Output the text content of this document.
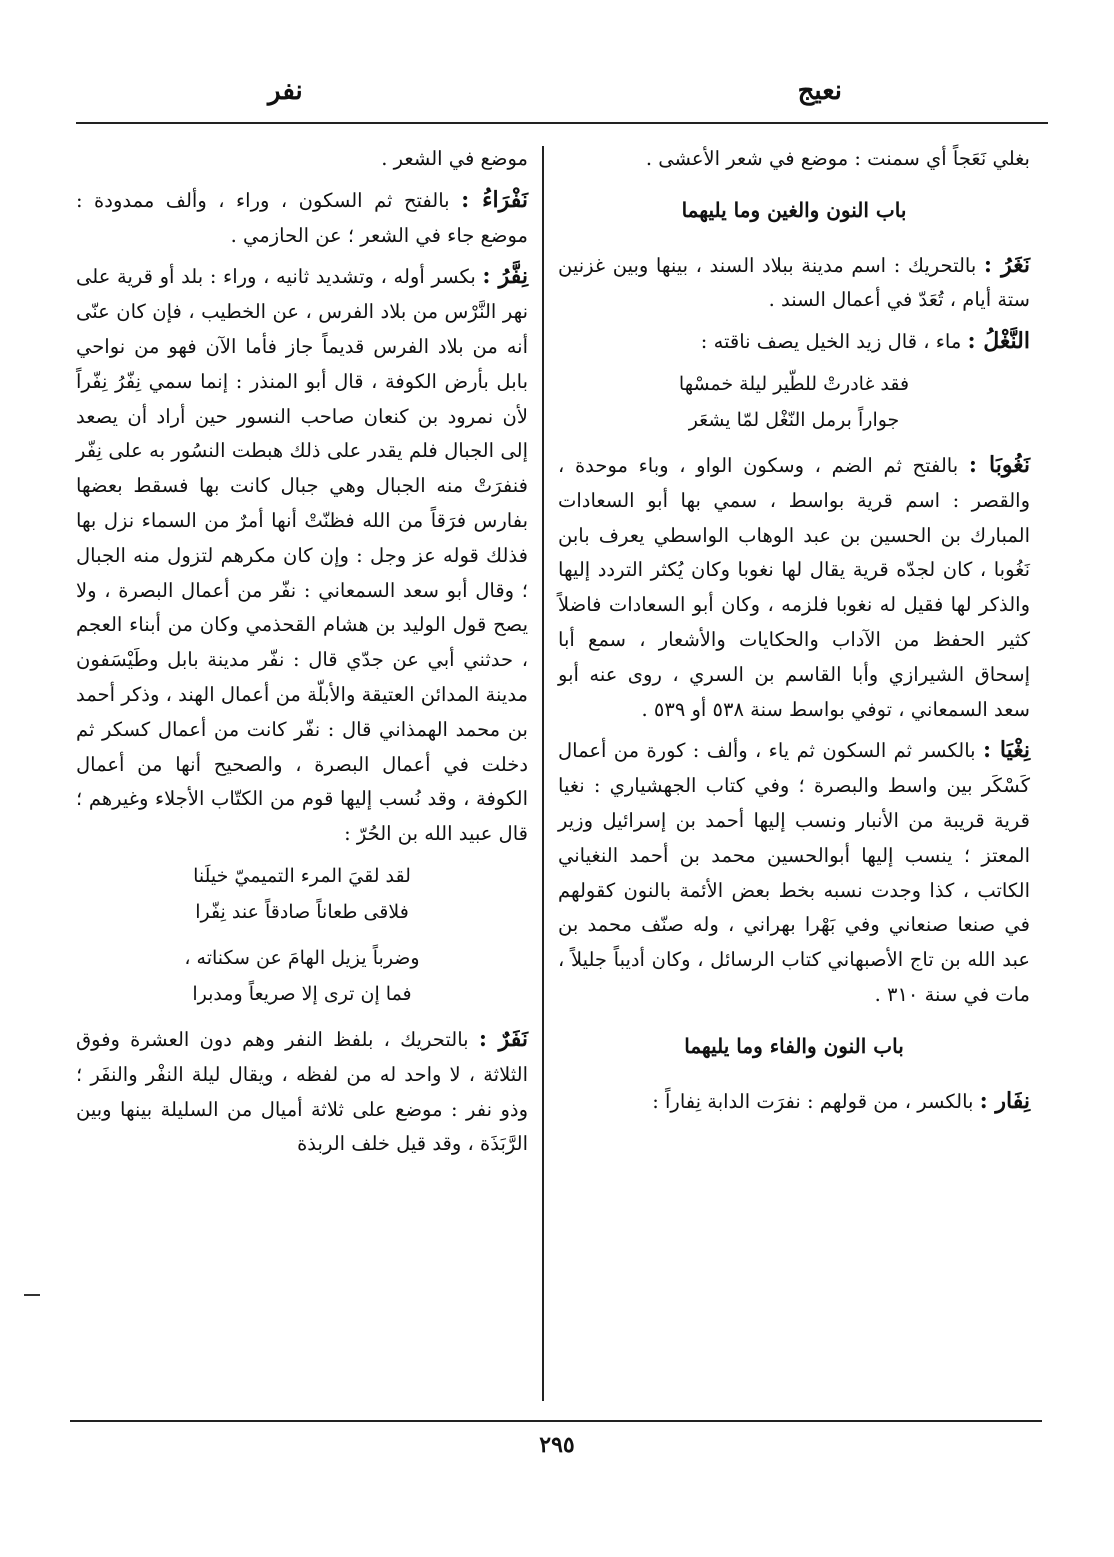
نعيج
نفر

بغلي نَعَجاً أي سمنت : موضع في شعر الأعشى .

باب النون والغين وما يليهما

نَغَرُ : بالتحريك : اسم مدينة ببلاد السند ، بينها وبين غزنين ستة أيام ، تُعَدّ في أعمال السند .

النَّغْلُ : ماء ، قال زيد الخيل يصف ناقته :

فقد غادرتْ للطّير ليلة خمسْها
جواراً برمل النّغْل لمّا يشعَر

نَغُوبَا : بالفتح ثم الضم ، وسكون الواو ، وباء موحدة ، والقصر : اسم قرية بواسط ، سمي بها أبو السعادات المبارك بن الحسين بن عبد الوهاب الواسطي يعرف بابن نَغُوبا ، كان لجدّه قرية يقال لها نغوبا وكان يُكثر التردد إليها والذكر لها فقيل له نغوبا فلزمه ، وكان أبو السعادات فاضلاً كثير الحفظ من الآداب والحكايات والأشعار ، سمع أبا إسحاق الشيرازي وأبا القاسم بن السري ، روى عنه أبو سعد السمعاني ، توفي بواسط سنة ٥٣٨ أو ٥٣٩ .

نِغْيَا : بالكسر ثم السكون ثم ياء ، وألف : كورة من أعمال كَسْكَر بين واسط والبصرة ؛ وفي كتاب الجهشياري : نغيا قرية قريبة من الأنبار ونسب إليها أحمد بن إسرائيل وزير المعتز ؛ ينسب إليها أبوالحسين محمد بن أحمد النغياني الكاتب ، كذا وجدت نسبه بخط بعض الأئمة بالنون كقولهم في صنعا صنعاني وفي بَهْرا بهراني ، وله صنّف محمد بن عبد الله بن تاج الأصبهاني كتاب الرسائل ، وكان أديباً جليلاً ، مات في سنة ٣١٠ .

باب النون والفاء وما يليهما

نِفَار : بالكسر ، من قولهم : نفرَت الدابة نِفاراً :

موضع في الشعر .

نَفْرَاءُ : بالفتح ثم السكون ، وراء ، وألف ممدودة : موضع جاء في الشعر ؛ عن الحازمي .

نِفَّرُ : بكسر أوله ، وتشديد ثانيه ، وراء : بلد أو قرية على نهر النَّرْس من بلاد الفرس ، عن الخطيب ، فإن كان عنّى أنه من بلاد الفرس قديماً جاز فأما الآن فهو من نواحي بابل بأرض الكوفة ، قال أبو المنذر : إنما سمي نِفّرُ نِفّراً لأن نمرود بن كنعان صاحب النسور حين أراد أن يصعد إلى الجبال فلم يقدر على ذلك هبطت النسُور به على نِفّر فنفرَتْ منه الجبال وهي جبال كانت بها فسقط بعضها بفارس فرَقاً من الله فظنّتْ أنها أمرٌ من السماء نزل بها فذلك قوله عز وجل : وإن كان مكرهم لتزول منه الجبال ؛ وقال أبو سعد السمعاني : نفّر من أعمال البصرة ، ولا يصح قول الوليد بن هشام القحذمي وكان من أبناء العجم ، حدثني أبي عن جدّي قال : نفّر مدينة بابل وطَيْسَفون مدينة المدائن العتيقة والأبلّة من أعمال الهند ، وذكر أحمد بن محمد الهمذاني قال : نفّر كانت من أعمال كسكر ثم دخلت في أعمال البصرة ، والصحيح أنها من أعمال الكوفة ، وقد نُسب إليها قوم من الكتّاب الأجلاء وغيرهم ؛ قال عبيد الله بن الحُرّ :

لقد لقيَ المرء التميميّ خيلَنا
فلاقى طعاناً صادقاً عند نِفّرا
وضرباً يزيل الهامَ عن سكناته ،
فما إن ترى إلا صريعاً ومدبرا

نَفَرٌ : بالتحريك ، بلفظ النفر وهم دون العشرة وفوق الثلاثة ، لا واحد له من لفظه ، ويقال ليلة النفْر والنفَر ؛ وذو نفر : موضع على ثلاثة أميال من السليلة بينها وبين الرَّبَذَة ، وقد قيل خلف الربذة

٢٩٥
